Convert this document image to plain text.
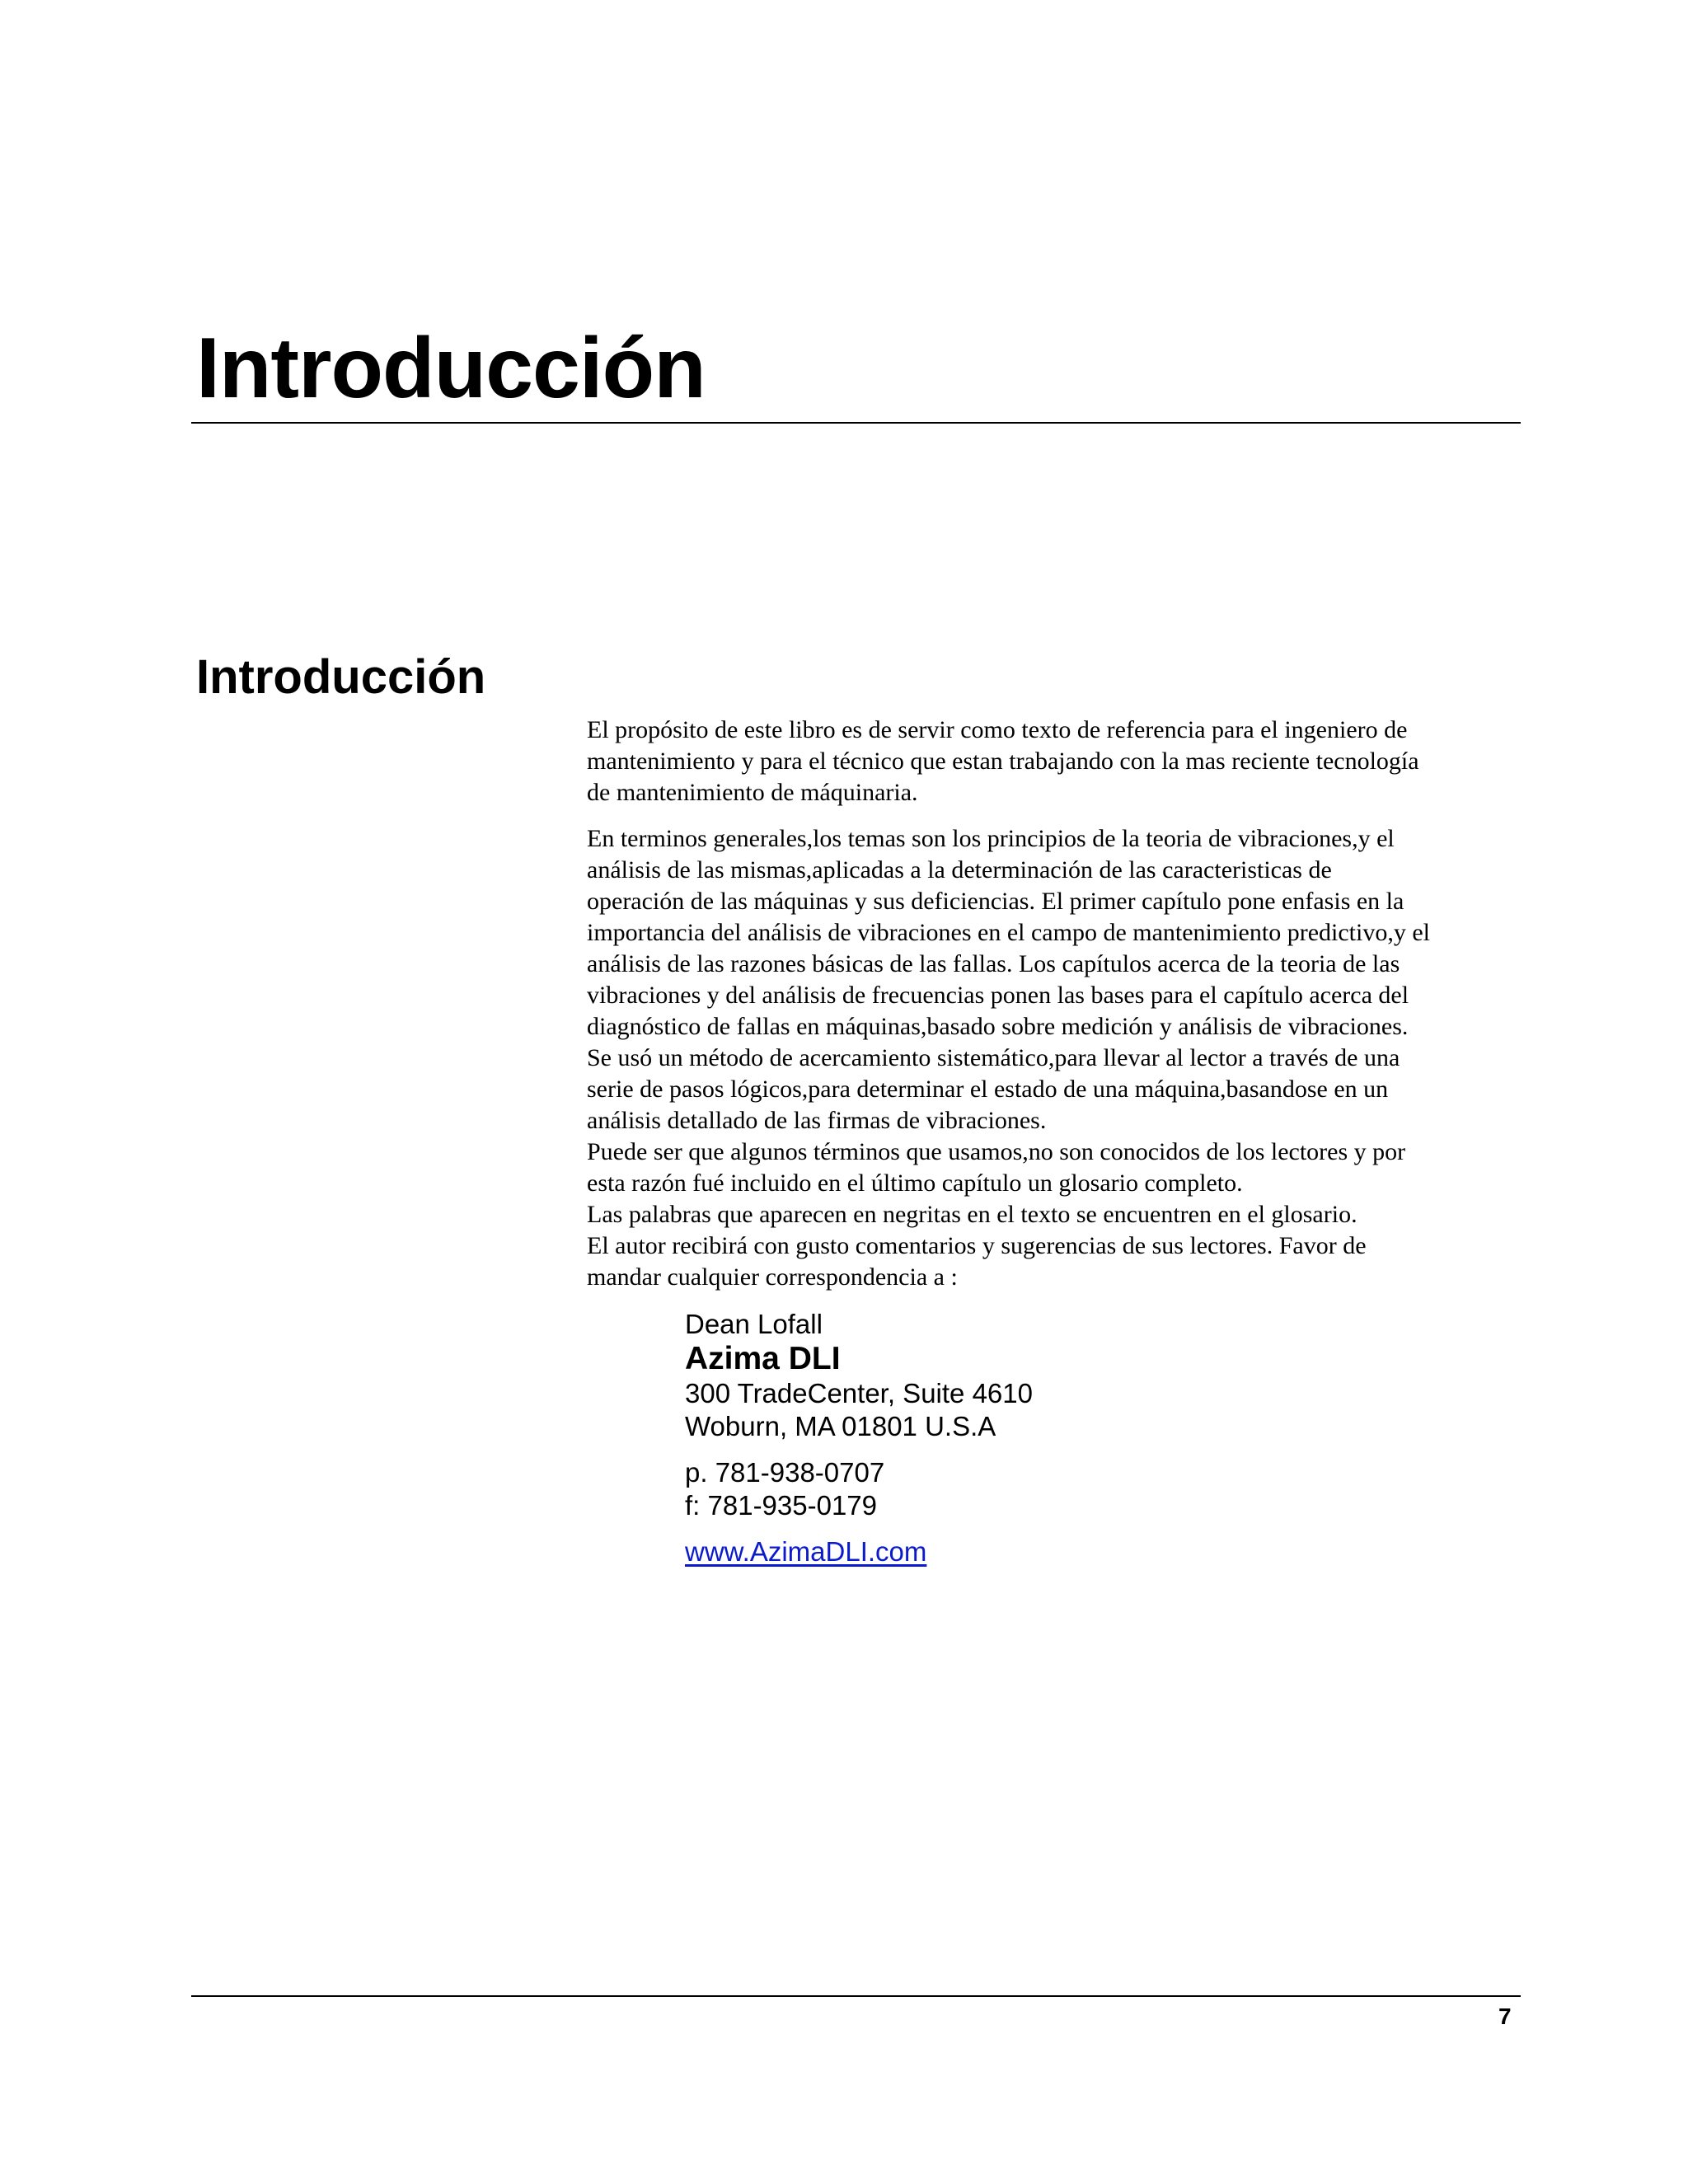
Introducción
Introducción
El propósito de este libro es de servir como texto de referencia para el ingeniero de
mantenimiento y para el técnico que estan trabajando con la mas reciente tecnología
de mantenimiento de máquinaria.
En terminos generales,los temas son los principios de la teoria de vibraciones,y el
análisis de las mismas,aplicadas a la determinación de las caracteristicas de
operación de las máquinas y sus deficiencias. El primer capítulo pone enfasis en la
importancia del análisis de vibraciones en el campo de mantenimiento predictivo,y el
análisis de las razones básicas de las fallas. Los capítulos acerca de la teoria de las
vibraciones y del análisis de frecuencias ponen las bases para el capítulo acerca del
diagnóstico de fallas en máquinas,basado sobre medición y análisis de vibraciones.
Se usó un método de acercamiento sistemático,para llevar al lector a través de una
serie de pasos lógicos,para determinar el estado de una máquina,basandose en un
análisis detallado de las firmas de vibraciones.
Puede ser que algunos términos que usamos,no son conocidos de los lectores y por
esta razón fué incluido en el último capítulo un glosario completo.
Las palabras que aparecen en negritas en el texto se encuentren en el glosario.
El autor recibirá con gusto comentarios y sugerencias de sus lectores. Favor de
mandar cualquier correspondencia a :
Dean Lofall
Azima DLI
300 TradeCenter, Suite 4610
Woburn, MA 01801 U.S.A
p. 781-938-0707
f: 781-935-0179
www.AzimaDLI.com
7
